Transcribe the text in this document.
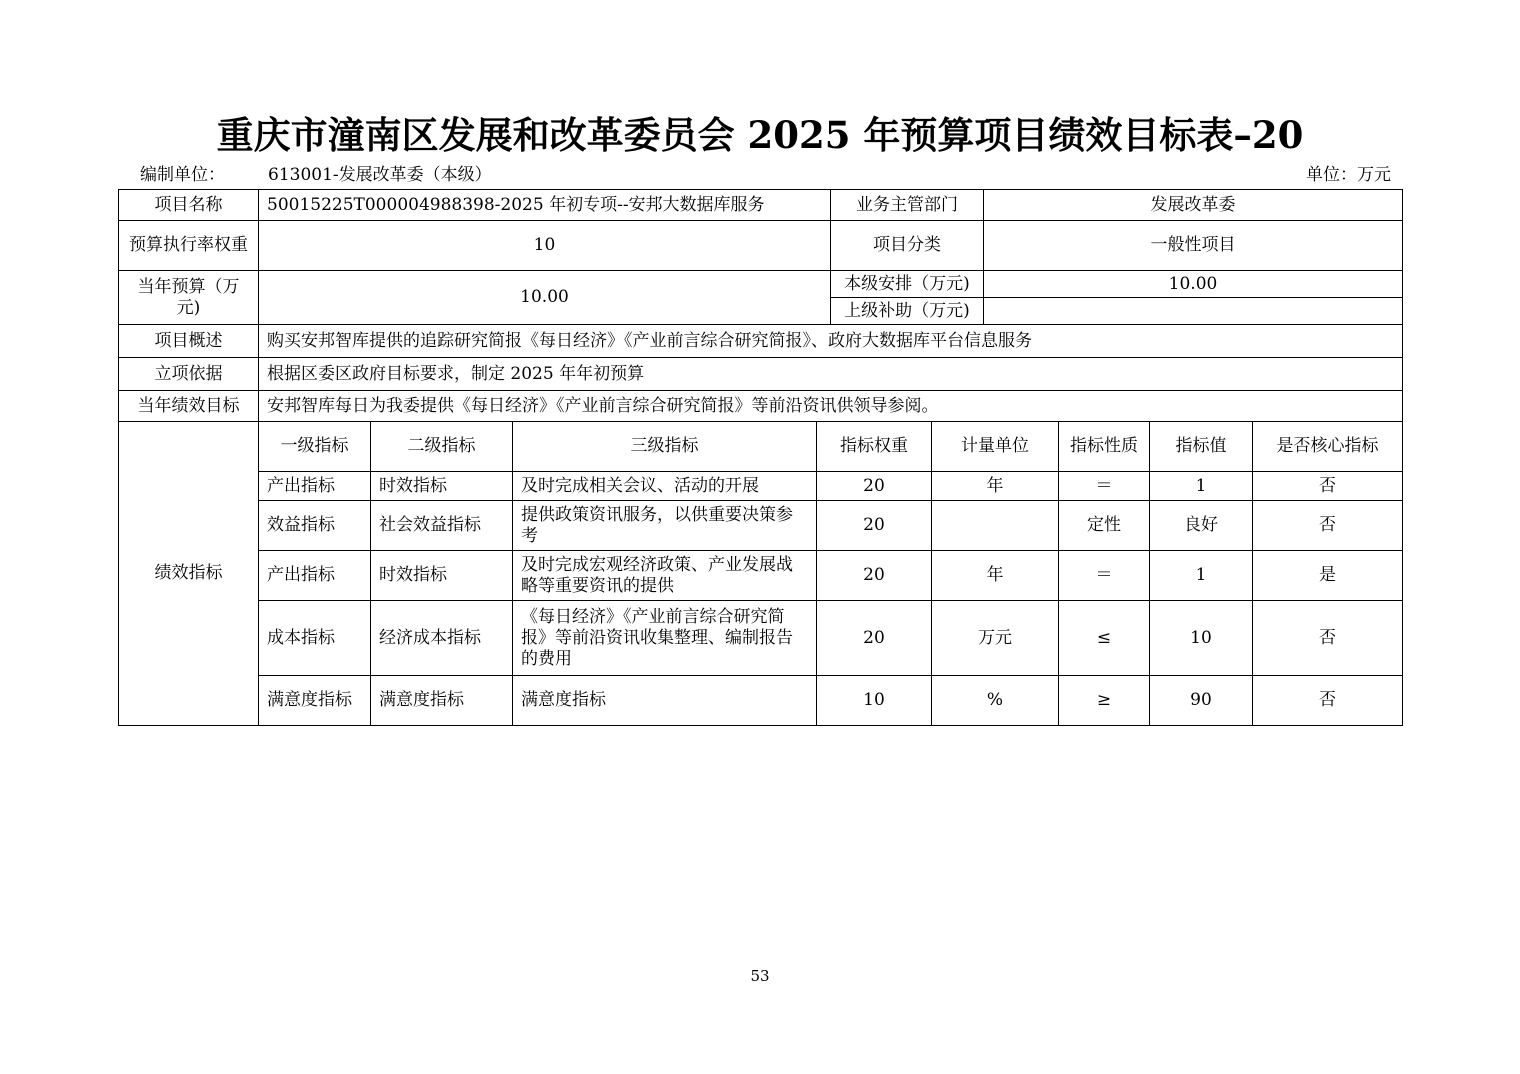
重庆市潼南区发展和改革委员会 2025 年预算项目绩效目标表–20
编制单位：	613001-发展改革委（本级）	单位：万元
项目名称	50015225T000004988398-2025 年初专项--安邦大数据库服务				业务主管部门		发展改革委			
预算执行率权重	10				项目分类		一般性项目			
当年预算（万元)	10.00				本级安排（万元)		10.00			
					上级补助（万元)					
项目概述	购买安邦智库提供的追踪研究简报《每日经济》《产业前言综合研究简报》、政府大数据库平台信息服务									
立项依据	根据区委区政府目标要求，制定 2025 年年初预算									
当年绩效目标	安邦智库每日为我委提供《每日经济》《产业前言综合研究简报》等前沿资讯供领导参阅。									
绩效指标	一级指标	二级指标	三级指标	指标权重		计量单位		指标性质	指标值	是否核心指标
	产出指标	时效指标	及时完成相关会议、活动的开展	20		年		＝	1	否
	效益指标	社会效益指标	提供政策资讯服务，以供重要决策参考	20				定性	良好	否
	产出指标	时效指标	及时完成宏观经济政策、产业发展战略等重要资讯的提供	20		年		＝	1	是
	成本指标	经济成本指标	《每日经济》《产业前言综合研究简报》等前沿资讯收集整理、编制报告的费用	20		万元		≤	10	否
	满意度指标	满意度指标	满意度指标	10		%		≥	90	否
53
